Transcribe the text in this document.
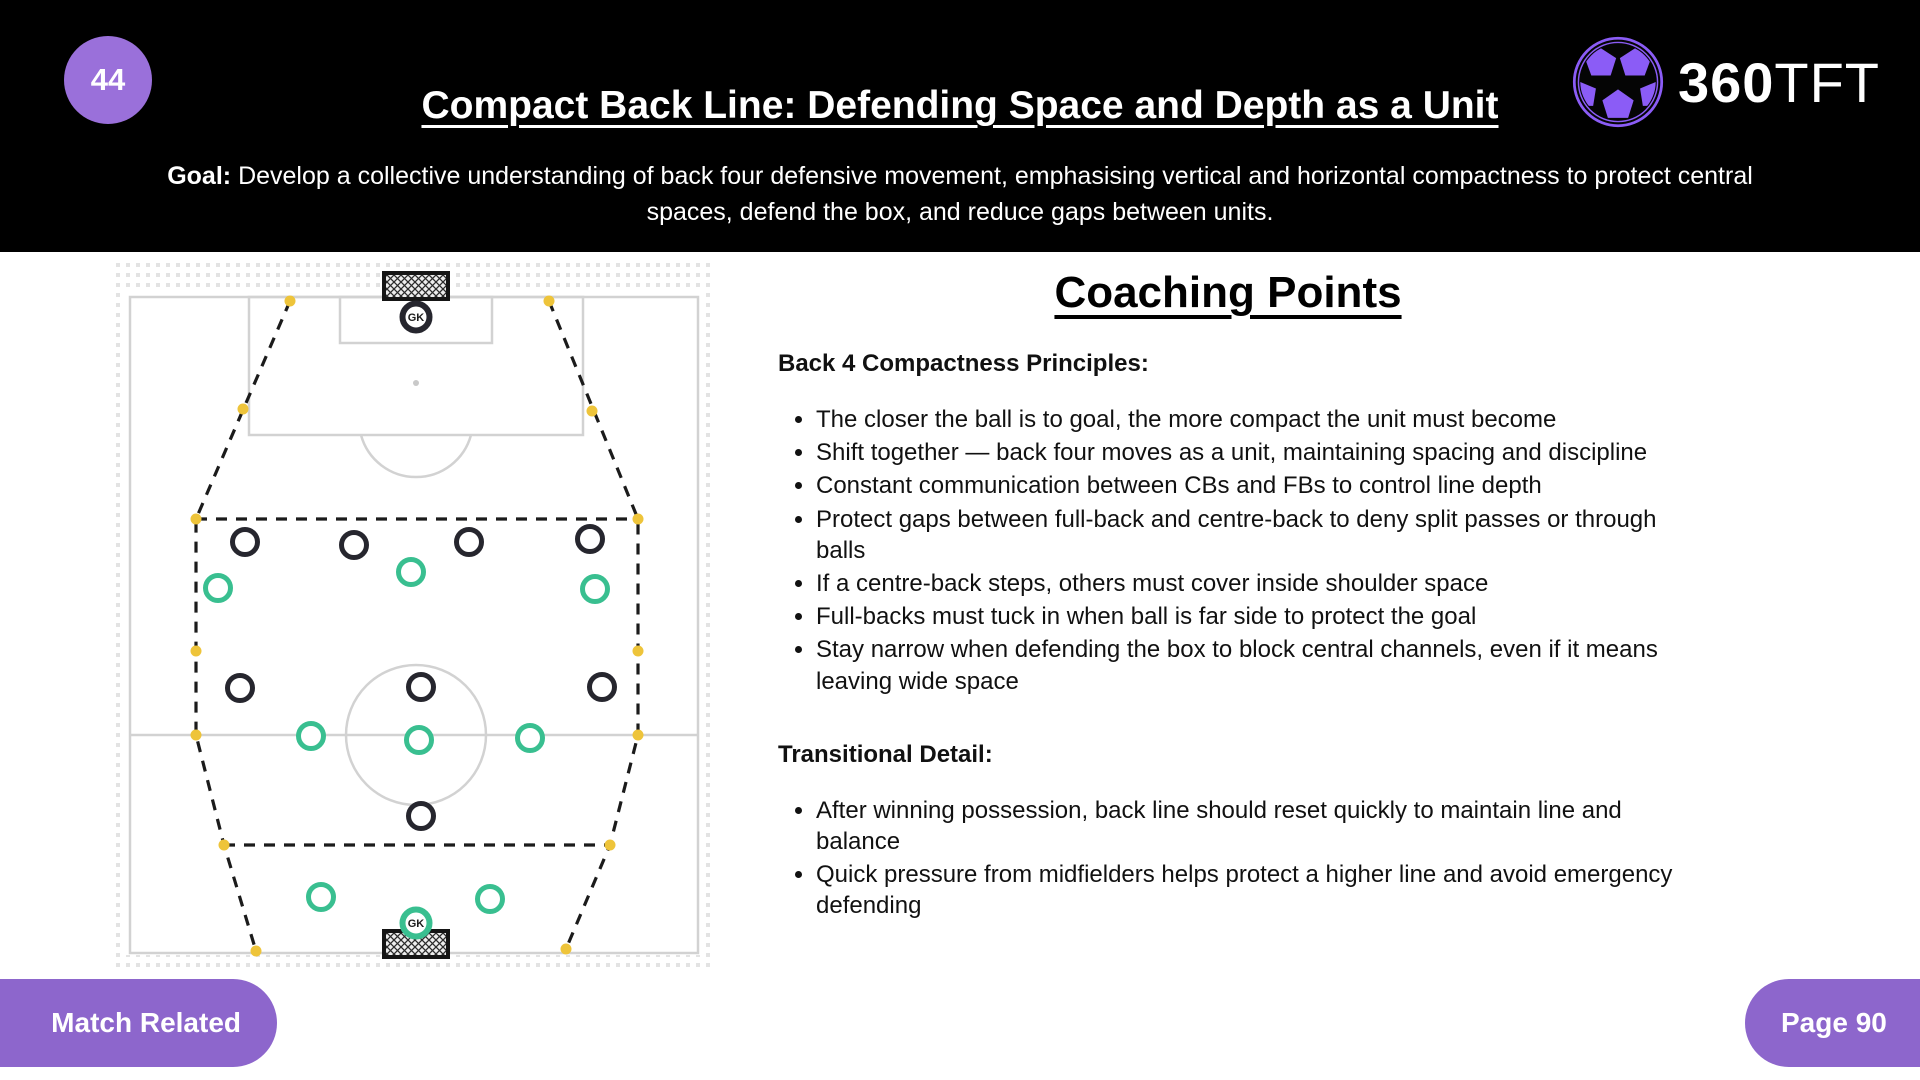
44
Compact Back Line: Defending Space and Depth as a Unit
Goal: Develop a collective understanding of back four defensive movement, emphasising vertical and horizontal compactness to protect central spaces, defend the box, and reduce gaps between units.
360TFT
GK
GK
Coaching Points
Back 4 Compactness Principles:
• The closer the ball is to goal, the more compact the unit must become
• Shift together — back four moves as a unit, maintaining spacing and discipline
• Constant communication between CBs and FBs to control line depth
• Protect gaps between full-back and centre-back to deny split passes or through balls
• If a centre-back steps, others must cover inside shoulder space
• Full-backs must tuck in when ball is far side to protect the goal
• Stay narrow when defending the box to block central channels, even if it means leaving wide space
Transitional Detail:
• After winning possession, back line should reset quickly to maintain line and balance
• Quick pressure from midfielders helps protect a higher line and avoid emergency defending
Match Related	Page 90
